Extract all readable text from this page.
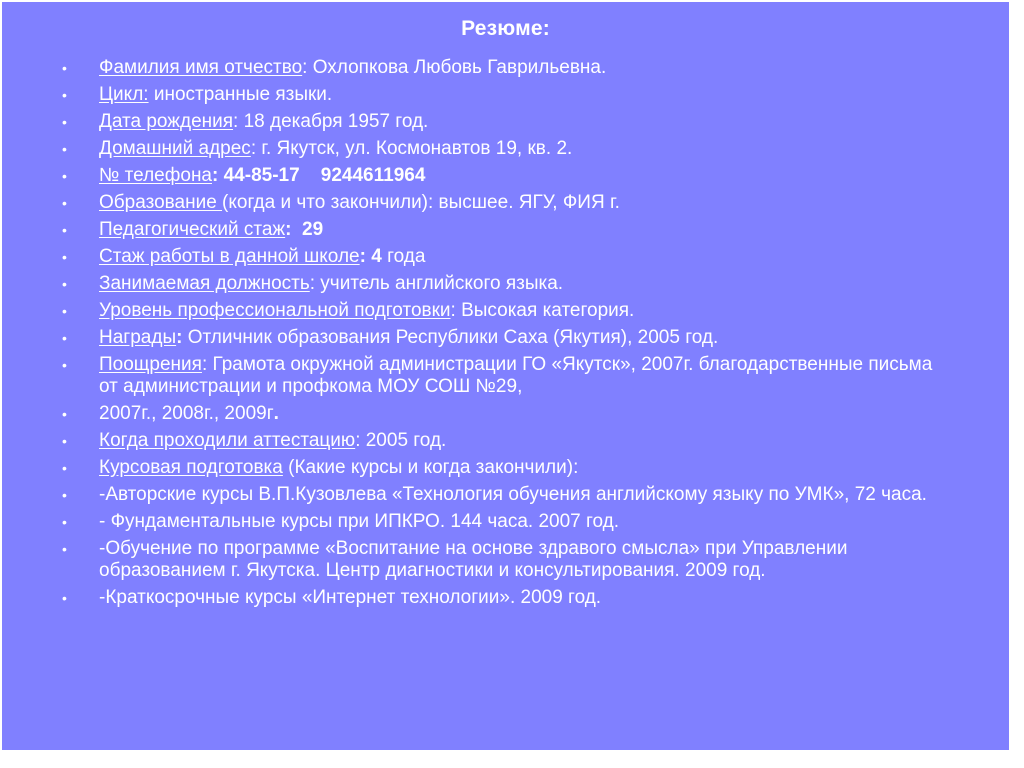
Резюме:
• Фамилия имя отчество: Охлопкова Любовь Гаврильевна.
• Цикл: иностранные языки.
• Дата рождения: 18 декабря 1957 год.
• Домашний адрес: г. Якутск, ул. Космонавтов 19, кв. 2.
• № телефона: 44-85-17    9244611964
• Образование (когда и что закончили): высшее. ЯГУ, ФИЯ г.
• Педагогический стаж:  29
• Стаж работы в данной школе: 4 года
• Занимаемая должность: учитель английского языка.
• Уровень профессиональной подготовки: Высокая категория.
• Награды: Отличник образования Республики Саха (Якутия), 2005 год.
• Поощрения: Грамота окружной администрации ГО «Якутск», 2007г. благодарственные письма от администрации и профкома МОУ СОШ №29,
• 2007г., 2008г., 2009г.
• Когда проходили аттестацию: 2005 год.
• Курсовая подготовка (Какие курсы и когда закончили):
• -Авторские курсы В.П.Кузовлева «Технология обучения английскому языку по УМК», 72 часа.
• - Фундаментальные курсы при ИПКРО. 144 часа. 2007 год.
• -Обучение по программе «Воспитание на основе здравого смысла» при Управлении образованием г. Якутска. Центр диагностики и консультирования. 2009 год.
• -Краткосрочные курсы «Интернет технологии». 2009 год.
